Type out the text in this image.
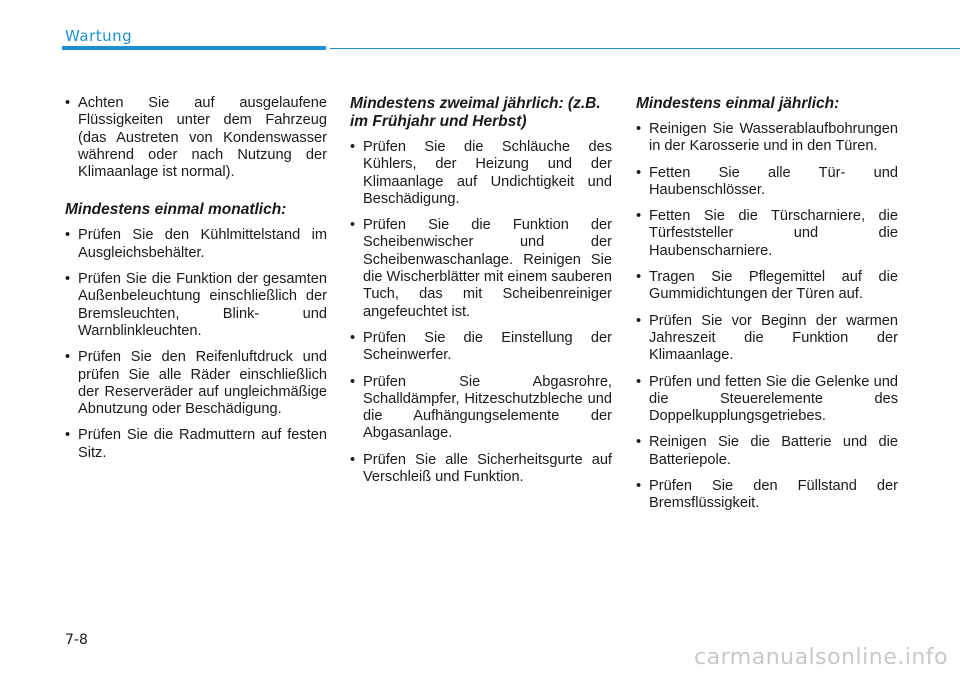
Wartung
• Achten Sie auf ausgelaufene Flüssigkeiten unter dem Fahrzeug (das Austreten von Kondenswasser während oder nach Nutzung der Klimaanlage ist normal).
Mindestens einmal monatlich:
• Prüfen Sie den Kühlmittelstand im Ausgleichsbehälter.
• Prüfen Sie die Funktion der gesamten Außenbeleuchtung einschließlich der Bremsleuchten, Blink- und Warnblinkleuchten.
• Prüfen Sie den Reifenluftdruck und prüfen Sie alle Räder einschließlich der Reserveräder auf ungleichmäßige Abnutzung oder Beschädigung.
• Prüfen Sie die Radmuttern auf festen Sitz.
Mindestens zweimal jährlich: (z.B. im Frühjahr und Herbst)
• Prüfen Sie die Schläuche des Kühlers, der Heizung und der Klimaanlage auf Undichtigkeit und Beschädigung.
• Prüfen Sie die Funktion der Scheibenwischer und der Scheibenwaschanlage. Reinigen Sie die Wischerblätter mit einem sauberen Tuch, das mit Scheibenreiniger angefeuchtet ist.
• Prüfen Sie die Einstellung der Scheinwerfer.
• Prüfen Sie Abgasrohre, Schalldämpfer, Hitzeschutzbleche und die Aufhängungselemente der Abgasanlage.
• Prüfen Sie alle Sicherheitsgurte auf Verschleiß und Funktion.
Mindestens einmal jährlich:
• Reinigen Sie Wasserablaufbohrungen in der Karosserie und in den Türen.
• Fetten Sie alle Tür- und Haubenschlösser.
• Fetten Sie die Türscharniere, die Türfeststeller und die Haubenscharniere.
• Tragen Sie Pflegemittel auf die Gummidichtungen der Türen auf.
• Prüfen Sie vor Beginn der warmen Jahreszeit die Funktion der Klimaanlage.
• Prüfen und fetten Sie die Gelenke und die Steuerelemente des Doppelkupplungsgetriebes.
• Reinigen Sie die Batterie und die Batteriepole.
• Prüfen Sie den Füllstand der Bremsflüssigkeit.
7-8
carmanualsonline.info
